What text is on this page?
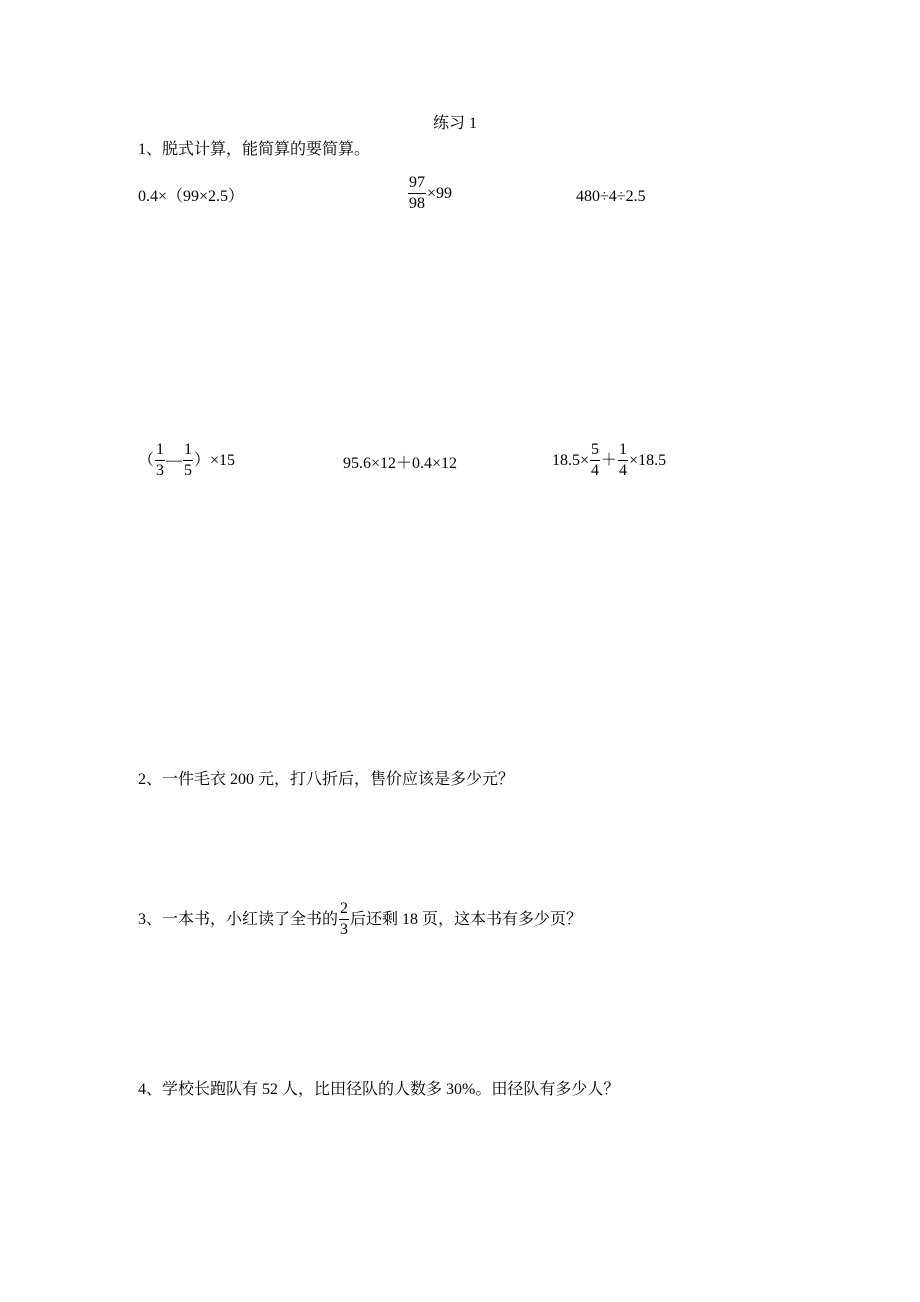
练习 1
1、脱式计算，能简算的要简算。
0.4×（99×2.5）	$\frac{97}{98} \times 99$	480÷4÷2.5
（ $\frac{1}{3}$ — $\frac{1}{5} )\times 15$	95.6×12＋0.4×12	$18.5\times \frac{5}{4} + \frac{1}{4} \times 18.5$
2、一件毛衣 200 元，打八折后，售价应该是多少元？
3、一本书，小红读了全书的 $\frac{2}{3}$ 后还剩 18 页，这本书有多少页？
4、学校长跑队有 52 人，比田径队的人数多 30%。田径队有多少人？
